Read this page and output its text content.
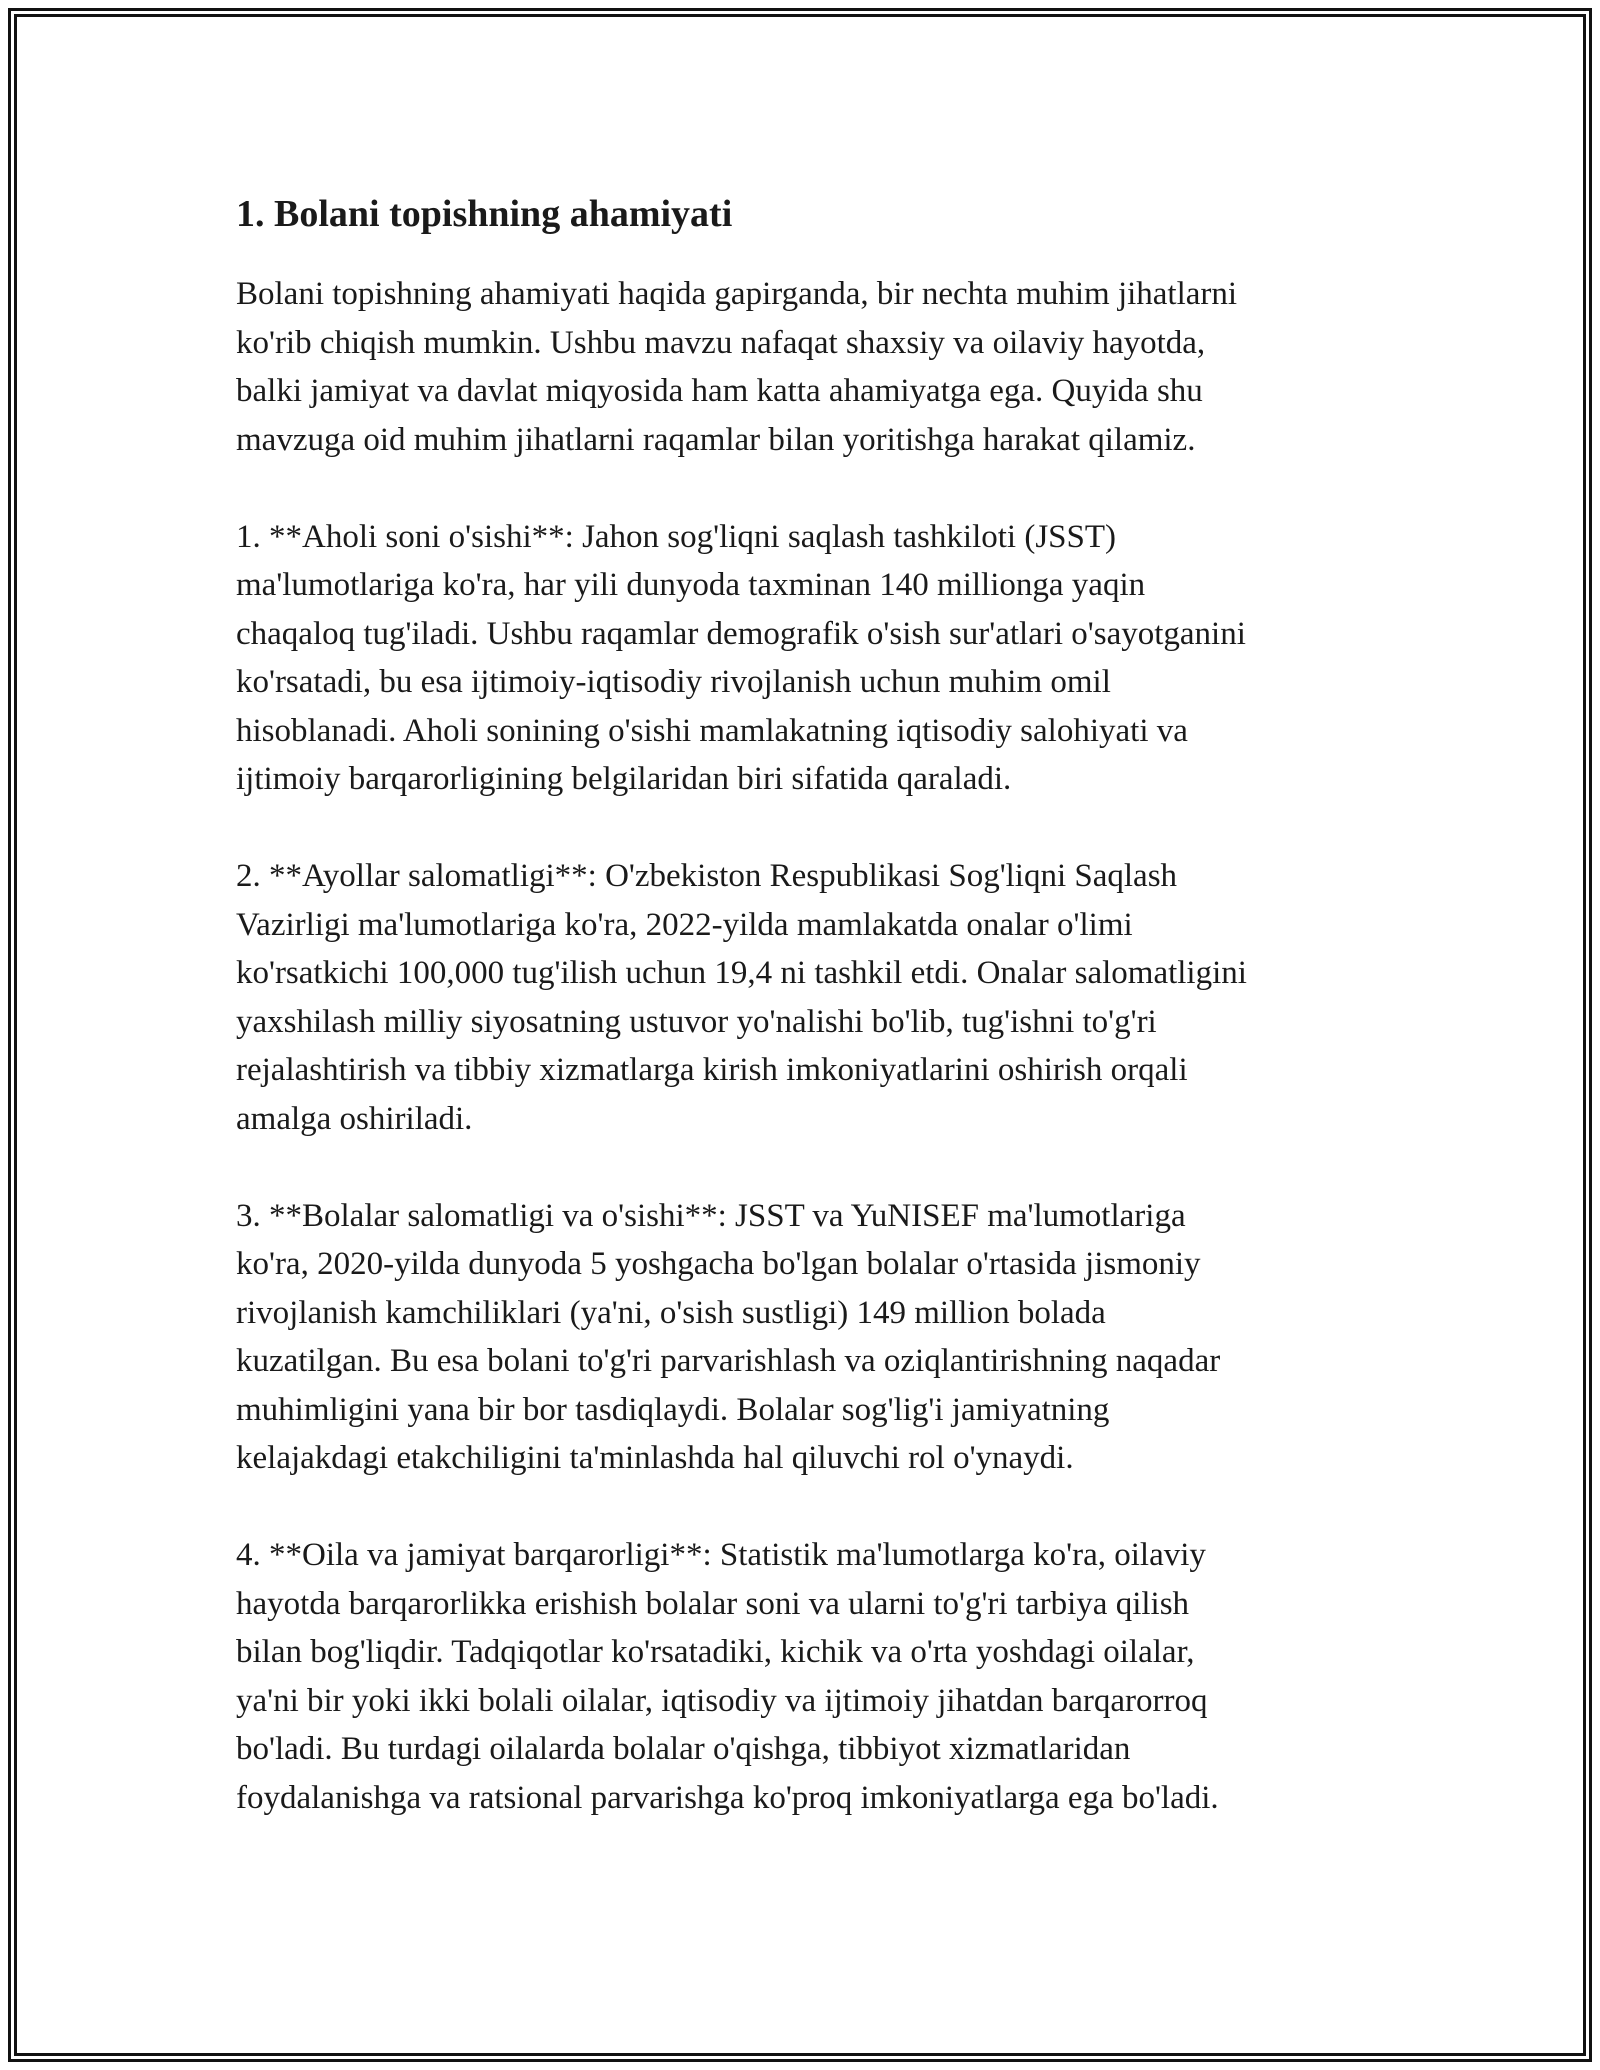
1. Bolani topishning ahamiyati

Bolani topishning ahamiyati haqida gapirganda, bir nechta muhim jihatlarni
ko'rib chiqish mumkin. Ushbu mavzu nafaqat shaxsiy va oilaviy hayotda,
balki jamiyat va davlat miqyosida ham katta ahamiyatga ega. Quyida shu
mavzuga oid muhim jihatlarni raqamlar bilan yoritishga harakat qilamiz.

1. **Aholi soni o'sishi**: Jahon sog'liqni saqlash tashkiloti (JSST)
ma'lumotlariga ko'ra, har yili dunyoda taxminan 140 millionga yaqin
chaqaloq tug'iladi. Ushbu raqamlar demografik o'sish sur'atlari o'sayotganini
ko'rsatadi, bu esa ijtimoiy-iqtisodiy rivojlanish uchun muhim omil
hisoblanadi. Aholi sonining o'sishi mamlakatning iqtisodiy salohiyati va
ijtimoiy barqarorligining belgilaridan biri sifatida qaraladi.

2. **Ayollar salomatligi**: O'zbekiston Respublikasi Sog'liqni Saqlash
Vazirligi ma'lumotlariga ko'ra, 2022-yilda mamlakatda onalar o'limi
ko'rsatkichi 100,000 tug'ilish uchun 19,4 ni tashkil etdi. Onalar salomatligini
yaxshilash milliy siyosatning ustuvor yo'nalishi bo'lib, tug'ishni to'g'ri
rejalashtirish va tibbiy xizmatlarga kirish imkoniyatlarini oshirish orqali
amalga oshiriladi.

3. **Bolalar salomatligi va o'sishi**: JSST va YuNISEF ma'lumotlariga
ko'ra, 2020-yilda dunyoda 5 yoshgacha bo'lgan bolalar o'rtasida jismoniy
rivojlanish kamchiliklari (ya'ni, o'sish sustligi) 149 million bolada
kuzatilgan. Bu esa bolani to'g'ri parvarishlash va oziqlantirishning naqadar
muhimligini yana bir bor tasdiqlaydi. Bolalar sog'lig'i jamiyatning
kelajakdagi etakchiligini ta'minlashda hal qiluvchi rol o'ynaydi.

4. **Oila va jamiyat barqarorligi**: Statistik ma'lumotlarga ko'ra, oilaviy
hayotda barqarorlikka erishish bolalar soni va ularni to'g'ri tarbiya qilish
bilan bog'liqdir. Tadqiqotlar ko'rsatadiki, kichik va o'rta yoshdagi oilalar,
ya'ni bir yoki ikki bolali oilalar, iqtisodiy va ijtimoiy jihatdan barqarorroq
bo'ladi. Bu turdagi oilalarda bolalar o'qishga, tibbiyot xizmatlaridan
foydalanishga va ratsional parvarishga ko'proq imkoniyatlarga ega bo'ladi.
